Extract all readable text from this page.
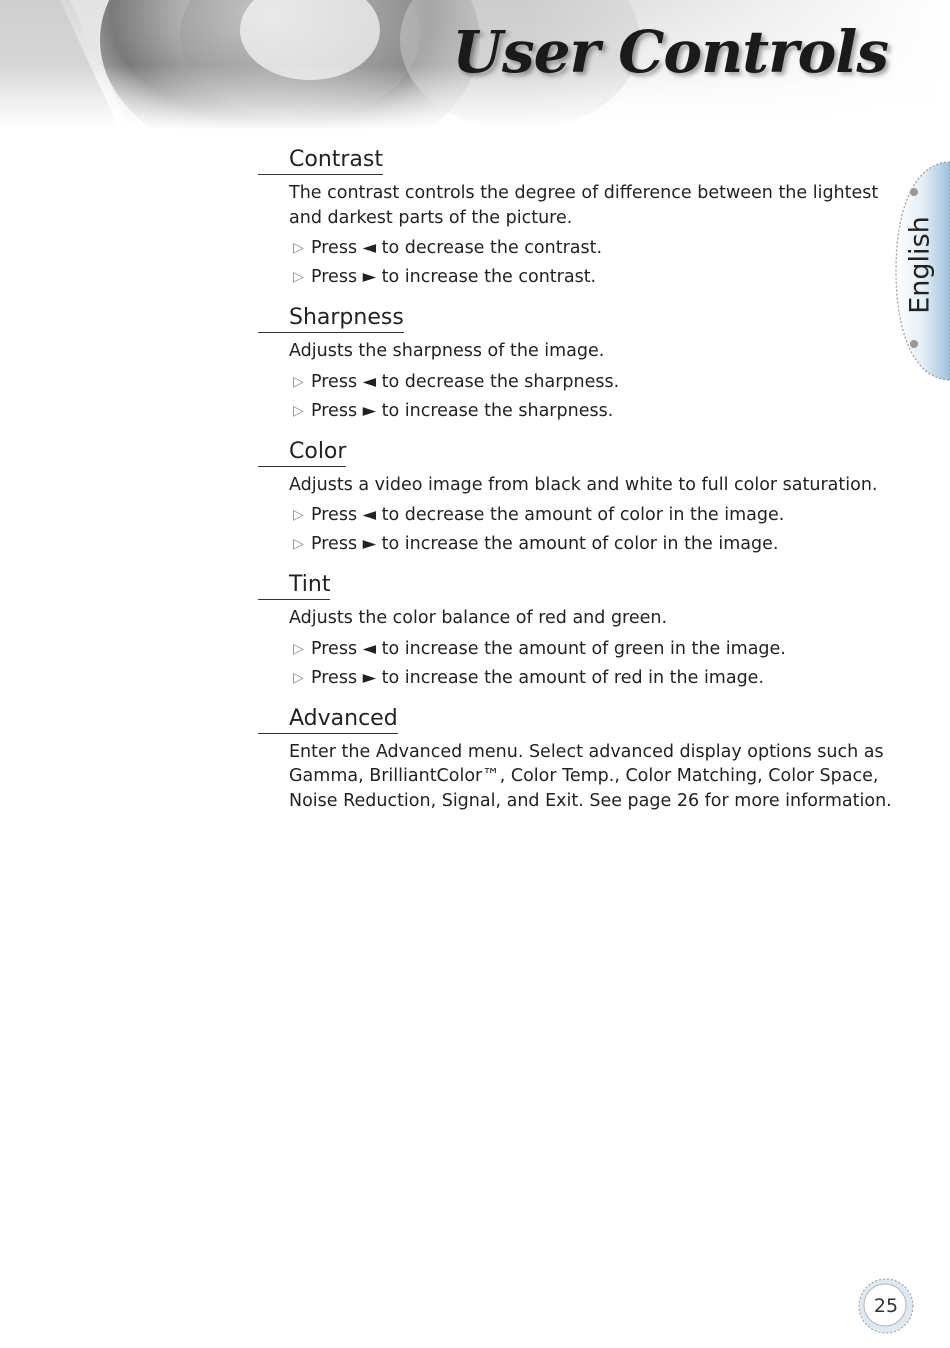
User Controls
English
Contrast
The contrast controls the degree of difference between the lightest and darkest parts of the picture.
▷ Press ◄ to decrease the contrast.
▷ Press ► to increase the contrast.
Sharpness
Adjusts the sharpness of the image.
▷ Press ◄ to decrease the sharpness.
▷ Press ► to increase the sharpness.
Color
Adjusts a video image from black and white to full color saturation.
▷ Press ◄ to decrease the amount of color in the image.
▷ Press ► to increase the amount of color in the image.
Tint
Adjusts the color balance of red and green.
▷ Press ◄ to increase the amount of green in the image.
▷ Press ► to increase the amount of red in the image.
Advanced
Enter the Advanced menu. Select advanced display options such as Gamma, BrilliantColor™, Color Temp., Color Matching, Color Space, Noise Reduction, Signal, and Exit. See page 26 for more information.
25
